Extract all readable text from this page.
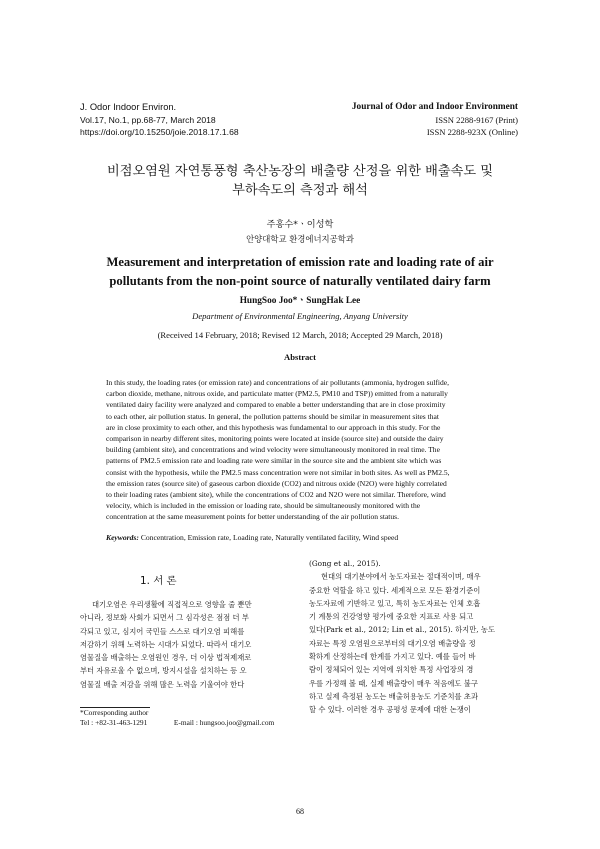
J. Odor Indoor Environ.
Vol.17, No.1, pp.68-77, March 2018
https://doi.org/10.15250/joie.2018.17.1.68
Journal of Odor and Indoor Environment
ISSN 2288-9167 (Print)
ISSN 2288-923X (Online)
비점오염원 자연통풍형 축산농장의 배출량 산정을 위한 배출속도 및
부하속도의 측정과 해석
주홍수*ㆍ이성학
안양대학교 환경에너지공학과
Measurement and interpretation of emission rate and loading rate of air
pollutants from the non-point source of naturally ventilated dairy farm
HungSoo Joo*ㆍSungHak Lee
Department of Environmental Engineering, Anyang University
(Received 14 February, 2018; Revised 12 March, 2018; Accepted 29 March, 2018)
Abstract
In this study, the loading rates (or emission rate) and concentrations of air pollutants (ammonia, hydrogen sulfide,
carbon dioxide, methane, nitrous oxide, and particulate matter (PM2.5, PM10 and TSP)) emitted from a naturally
ventilated dairy facility were analyzed and compared to enable a better understanding that are in close proximity
to each other, air pollution status. In general, the pollution patterns should be similar in measurement sites that
are in close proximity to each other, and this hypothesis was fundamental to our approach in this study. For the
comparison in nearby different sites, monitoring points were located at inside (source site) and outside the dairy
building (ambient site), and concentrations and wind velocity were simultaneously monitored in real time. The
patterns of PM2.5 emission rate and loading rate were similar in the source site and the ambient site which was
consist with the hypothesis, while the PM2.5 mass concentration were not similar in both sites. As well as PM2.5,
the emission rates (source site) of gaseous carbon dioxide (CO2) and nitrous oxide (N2O) were highly correlated
to their loading rates (ambient site), while the concentrations of CO2 and N2O were not similar. Therefore, wind
velocity, which is included in the emission or loading rate, should be simultaneously monitored with the
concentration at the same measurement points for better understanding of the air pollution status.
Keywords: Concentration, Emission rate, Loading rate, Naturally ventilated facility, Wind speed
1. 서 론
대기오염은 우리생활에 직접적으로 영향을 줄 뿐만
아니라, 정보화 사회가 되면서 그 심각성은 점점 더 부
각되고 있고, 심지어 국민들 스스로 대기오염 피해를
저감하기 위해 노력하는 시대가 되었다. 따라서 대기오
염물질을 배출하는 오염원인 경우, 더 이상 법적제재로
부터 자유로울 수 없으며, 방지시설을 설치하는 등 오
염물질 배출 저감을 위해 많은 노력을 기울여야 한다
(Gong et al., 2015).
현대의 대기분야에서 농도자료는 절대적이며, 매우
중요한 역할을 하고 있다. 세계적으로 모든 환경기준이
농도자료에 기반하고 있고, 특히 농도자료는 인체 호흡
기 계통의 건강영향 평가에 중요한 지표로 사용 되고
있다(Park et al., 2012; Lin et al., 2015). 하지만, 농도
자료는 특정 오염원으로부터의 대기오염 배출량을 정
확하게 산정하는데 한계를 가지고 있다. 예를 들어 바
람이 정체되어 있는 지역에 위치한 특정 사업장의 경
우를 가정해 볼 때, 실제 배출량이 매우 적음에도 불구
하고 실제 측정된 농도는 배출허용농도 기준치를 초과
할 수 있다. 이러한 경우 공평성 문제에 대한 논쟁이
*Corresponding author
Tel : +82-31-463-1291	E-mail : hungsoo.joo@gmail.com
68
